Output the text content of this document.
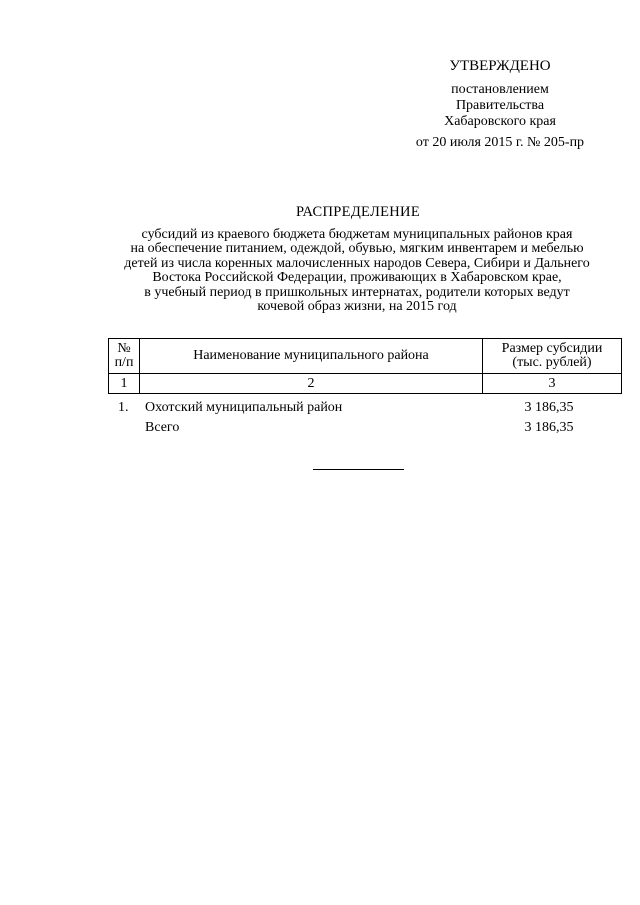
УТВЕРЖДЕНО
постановлением
Правительства
Хабаровского края
от 20 июля 2015 г. № 205-пр
РАСПРЕДЕЛЕНИЕ
субсидий из краевого бюджета бюджетам муниципальных районов края
на обеспечение питанием, одеждой, обувью, мягким инвентарем и мебелью
детей из числа коренных малочисленных народов Севера, Сибири и Дальнего
Востока Российской Федерации, проживающих в Хабаровском крае,
в учебный период в пришкольных интернатах, родители которых ведут
кочевой образ жизни, на 2015 год
№
п/п	Наименование муниципального района	Размер субсидии
(тыс. рублей)

1	2	3
1. Охотский муниципальный район	3 186,35
Всего	3 186,35
